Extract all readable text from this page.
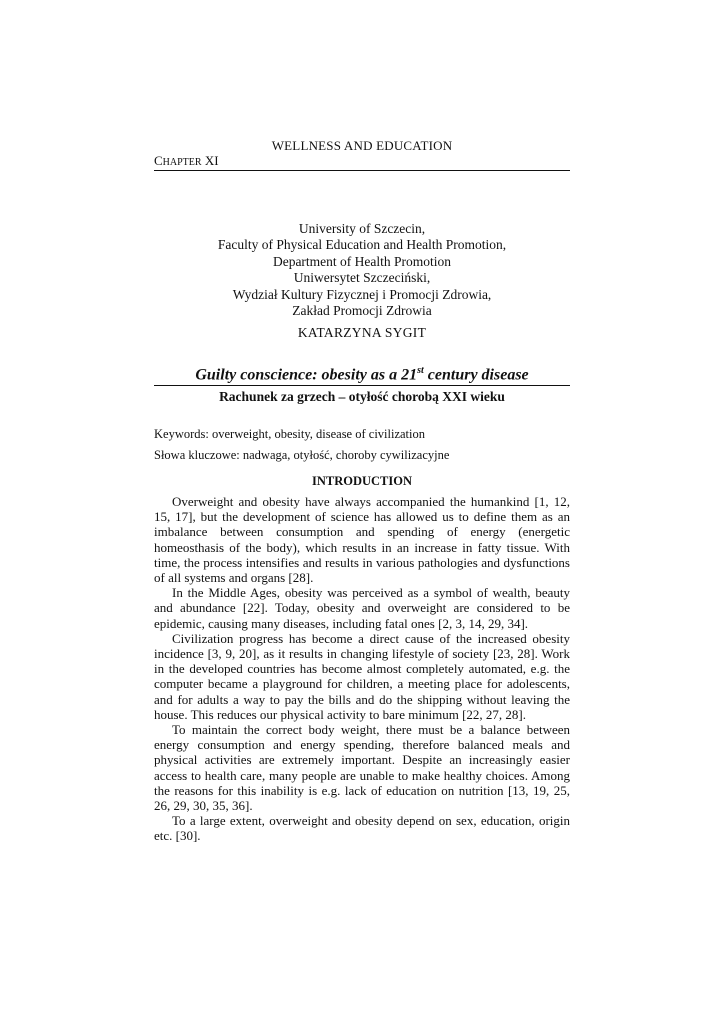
WELLNESS AND EDUCATION
CHAPTER XI
University of Szczecin,
Faculty of Physical Education and Health Promotion,
Department of Health Promotion
Uniwersytet Szczeciński,
Wydział Kultury Fizycznej i Promocji Zdrowia,
Zakład Promocji Zdrowia
KATARZYNA SYGIT
Guilty conscience: obesity as a 21st century disease
Rachunek za grzech – otyłość chorobą XXI wieku
Keywords: overweight, obesity, disease of civilization
Słowa kluczowe: nadwaga, otyłość, choroby cywilizacyjne
INTRODUCTION

Overweight and obesity have always accompanied the humankind [1, 12, 15, 17], but the development of science has allowed us to define them as an imbalance between consumption and spending of energy (energetic homeosthasis of the body), which results in an increase in fatty tissue. With time, the process intensifies and results in various pathologies and dysfunctions of all systems and organs [28].

In the Middle Ages, obesity was perceived as a symbol of wealth, beauty and abundance [22]. Today, obesity and overweight are considered to be epidemic, causing many diseases, including fatal ones [2, 3, 14, 29, 34].

Civilization progress has become a direct cause of the increased obesity incidence [3, 9, 20], as it results in changing lifestyle of society [23, 28]. Work in the developed countries has become almost completely automated, e.g. the computer became a playground for children, a meeting place for adolescents, and for adults a way to pay the bills and do the shipping without leaving the house. This reduces our physical activity to bare minimum [22, 27, 28].

To maintain the correct body weight, there must be a balance between energy consumption and energy spending, therefore balanced meals and physical activities are extremely important. Despite an increasingly easier access to health care, many people are unable to make healthy choices. Among the reasons for this inability is e.g. lack of education on nutrition [13, 19, 25, 26, 29, 30, 35, 36].

To a large extent, overweight and obesity depend on sex, education, origin etc. [30].
